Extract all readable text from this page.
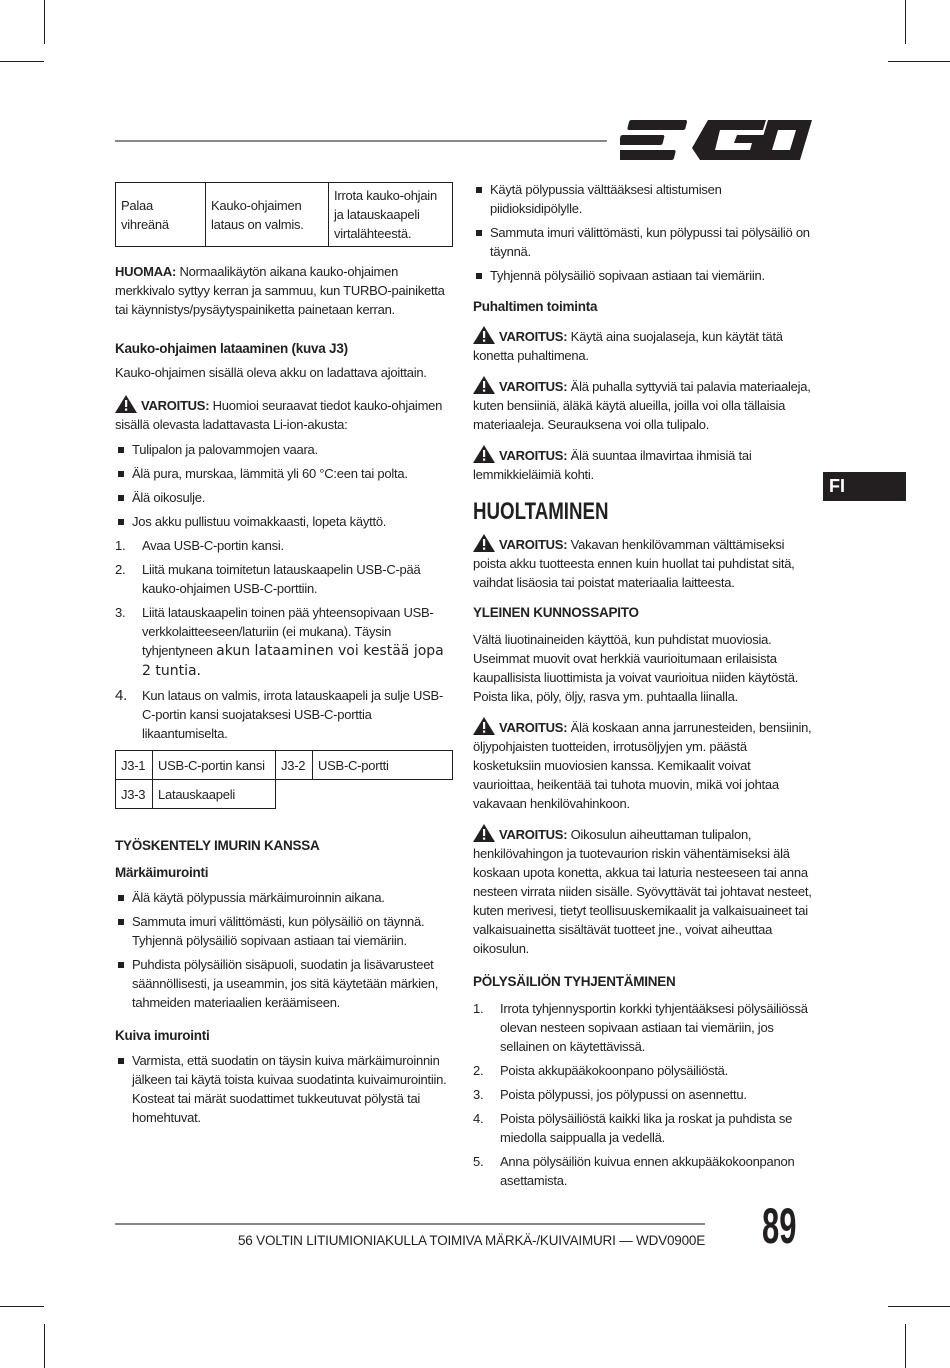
FI
Palaa vihreänä	Kauko-ohjaimen lataus on valmis.	Irrota kauko-ohjain ja latauskaapeli virtalähteestä.

HUOMAA: Normaalikäytön aikana kauko-ohjaimen merkkivalo syttyy kerran ja sammuu, kun TURBO-painiketta tai käynnistys/pysäytyspainiketta painetaan kerran.

Kauko-ohjaimen lataaminen (kuva J3)

Kauko-ohjaimen sisällä oleva akku on ladattava ajoittain.

VAROITUS: Huomioi seuraavat tiedot kauko-ohjaimen sisällä olevasta ladattavasta Li-ion-akusta:

Tulipalon ja palovammojen vaara.
Älä pura, murskaa, lämmitä yli 60 °C:een tai polta.
Älä oikosulje.
Jos akku pullistuu voimakkaasti, lopeta käyttö.
1. Avaa USB-C-portin kansi.
2. Liitä mukana toimitetun latauskaapelin USB-C-pää kauko-ohjaimen USB-C-porttiin.
3. Liitä latauskaapelin toinen pää yhteensopivaan USB-verkkolaitteeseen/laturiin (ei mukana). Täysin tyhjentyneen akun lataaminen voi kestää jopa 2 tuntia.
4. Kun lataus on valmis, irrota latauskaapeli ja sulje USB-C-portin kansi suojataksesi USB-C-porttia likaantumiselta.
J3-1	USB-C-portin kansi	J3-2	USB-C-portti
J3-3	Latauskaapeli		
TYÖSKENTELY IMURIN KANSSA
Märkäimurointi
Älä käytä pölypussia märkäimuroinnin aikana.
Sammuta imuri välittömästi, kun pölysäiliö on täynnä. Tyhjennä pölysäiliö sopivaan astiaan tai viemäriin.
Puhdista pölysäiliön sisäpuoli, suodatin ja lisävarusteet säännöllisesti, ja useammin, jos sitä käytetään märkien, tahmeiden materiaalien keräämiseen.
Kuiva imurointi
Varmista, että suodatin on täysin kuiva märkäimuroinnin jälkeen tai käytä toista kuivaa suodatinta kuivaimurointiin. Kosteat tai märät suodattimet tukkeutuvat pölystä tai homehtuvat.
Käytä pölypussia välttääksesi altistumisen piidioksidipölylle.
Sammuta imuri välittömästi, kun pölypussi tai pölysäiliö on täynnä.
Tyhjennä pölysäiliö sopivaan astiaan tai viemäriin.
Puhaltimen toiminta

VAROITUS: Käytä aina suojalaseja, kun käytät tätä konetta puhaltimena.

VAROITUS: Älä puhalla syttyviä tai palavia materiaaleja, kuten bensiiniä, äläkä käytä alueilla, joilla voi olla tällaisia materiaaleja. Seurauksena voi olla tulipalo.

VAROITUS: Älä suuntaa ilmavirtaa ihmisiä tai lemmikkieläimiä kohti.

HUOLTAMINEN

VAROITUS: Vakavan henkilövamman välttämiseksi poista akku tuotteesta ennen kuin huollat tai puhdistat sitä, vaihdat lisäosia tai poistat materiaalia laitteesta.

YLEINEN KUNNOSSAPITO

Vältä liuotinaineiden käyttöä, kun puhdistat muoviosia. Useimmat muovit ovat herkkiä vaurioitumaan erilaisista kaupallisista liuottimista ja voivat vaurioitua niiden käytöstä. Poista lika, pöly, öljy, rasva ym. puhtaalla liinalla.

VAROITUS: Älä koskaan anna jarrunesteiden, bensiinin, öljypohjaisten tuotteiden, irrotusöljyjen ym. päästä kosketuksiin muoviosien kanssa. Kemikaalit voivat vaurioittaa, heikentää tai tuhota muovin, mikä voi johtaa vakavaan henkilövahinkoon.

VAROITUS: Oikosulun aiheuttaman tulipalon, henkilövahingon ja tuotevaurion riskin vähentämiseksi älä koskaan upota konetta, akkua tai laturia nesteeseen tai anna nesteen virrata niiden sisälle. Syövyttävät tai johtavat nesteet, kuten merivesi, tietyt teollisuuskemikaalit ja valkaisuaineet tai valkaisuainetta sisältävät tuotteet jne., voivat aiheuttaa oikosulun.

PÖLYSÄILIÖN TYHJENTÄMINEN
1. Irrota tyhjennysportin korkki tyhjentääksesi pölysäiliössä olevan nesteen sopivaan astiaan tai viemäriin, jos sellainen on käytettävissä.
2. Poista akkupääkokoonpano pölysäiliöstä.
3. Poista pölypussi, jos pölypussi on asennettu.
4. Poista pölysäiliöstä kaikki lika ja roskat ja puhdista se miedolla saippualla ja vedellä.
5. Anna pölysäiliön kuivua ennen akkupääkokoonpanon asettamista.
56 VOLTIN LITIUMIONIAKULLA TOIMIVA MÄRKÄ-/KUIVAIMURI — WDV0900E 89
